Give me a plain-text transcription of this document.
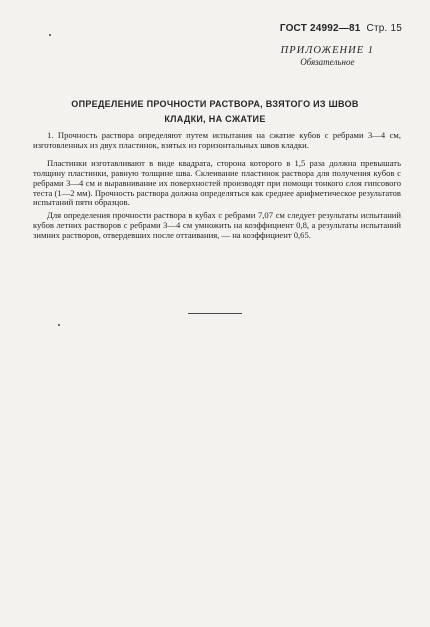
ГОСТ 24992—81 Стр. 15
ПРИЛОЖЕНИЕ 1
Обязательное
ОПРЕДЕЛЕНИЕ ПРОЧНОСТИ РАСТВОРА, ВЗЯТОГО ИЗ ШВОВ
КЛАДКИ, НА СЖАТИЕ

1. Прочность раствора определяют путем испытания на сжатие кубов с ребрами 3—4 см, изготовленных из двух пластинок, взятых из горизонтальных швов кладки.

Пластинки изготавливают в виде квадрата, сторона которого в 1,5 раза должна превышать толщину пластинки, равную толщине шва. Склеивание пластинок раствора для получения кубов с ребрами 3—4 см и выравнивание их поверхностей производят при помощи тонкого слоя гипсового теста (1—2 мм). Прочность раствора должна определяться как среднее арифметическое результатов испытаний пяти образцов.

Для определения прочности раствора в кубах с ребрами 7,07 см следует результаты испытаний кубов летних растворов с ребрами 3—4 см умножить на коэффициент 0,8, а результаты испытаний зимних растворов, отвердевших после оттаивания, — на коэффициент 0,65.
